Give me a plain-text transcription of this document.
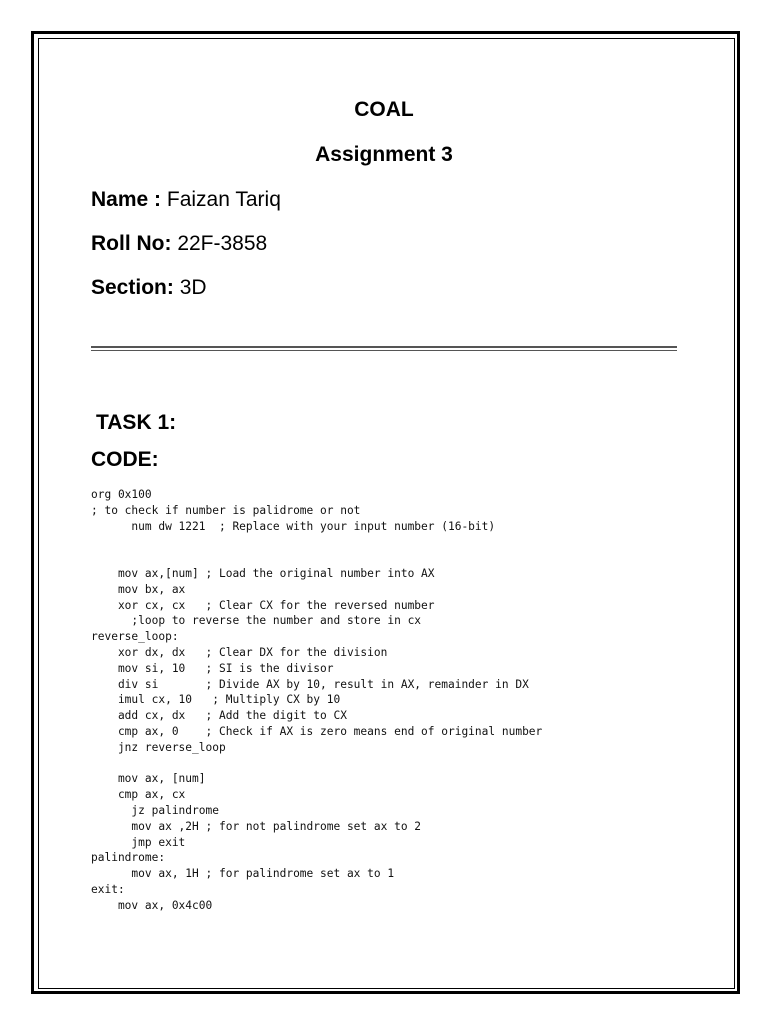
COAL
Assignment 3
Name : Faizan Tariq
Roll No: 22F-3858
Section: 3D
TASK 1:
CODE:
org 0x100
; to check if number is palidrome or not
num dw 1221  ; Replace with your input number (16-bit)

mov ax,[num] ; Load the original number into AX
mov bx, ax
xor cx, cx   ; Clear CX for the reversed number
;loop to reverse the number and store in cx
reverse_loop:
xor dx, dx   ; Clear DX for the division
mov si, 10   ; SI is the divisor
div si       ; Divide AX by 10, result in AX, remainder in DX
imul cx, 10   ; Multiply CX by 10
add cx, dx   ; Add the digit to CX
cmp ax, 0    ; Check if AX is zero means end of original number
jnz reverse_loop

mov ax, [num]
cmp ax, cx
jz palindrome
mov ax ,2H ; for not palindrome set ax to 2
jmp exit
palindrome:
mov ax, 1H ; for palindrome set ax to 1
exit:
mov ax, 0x4c00
